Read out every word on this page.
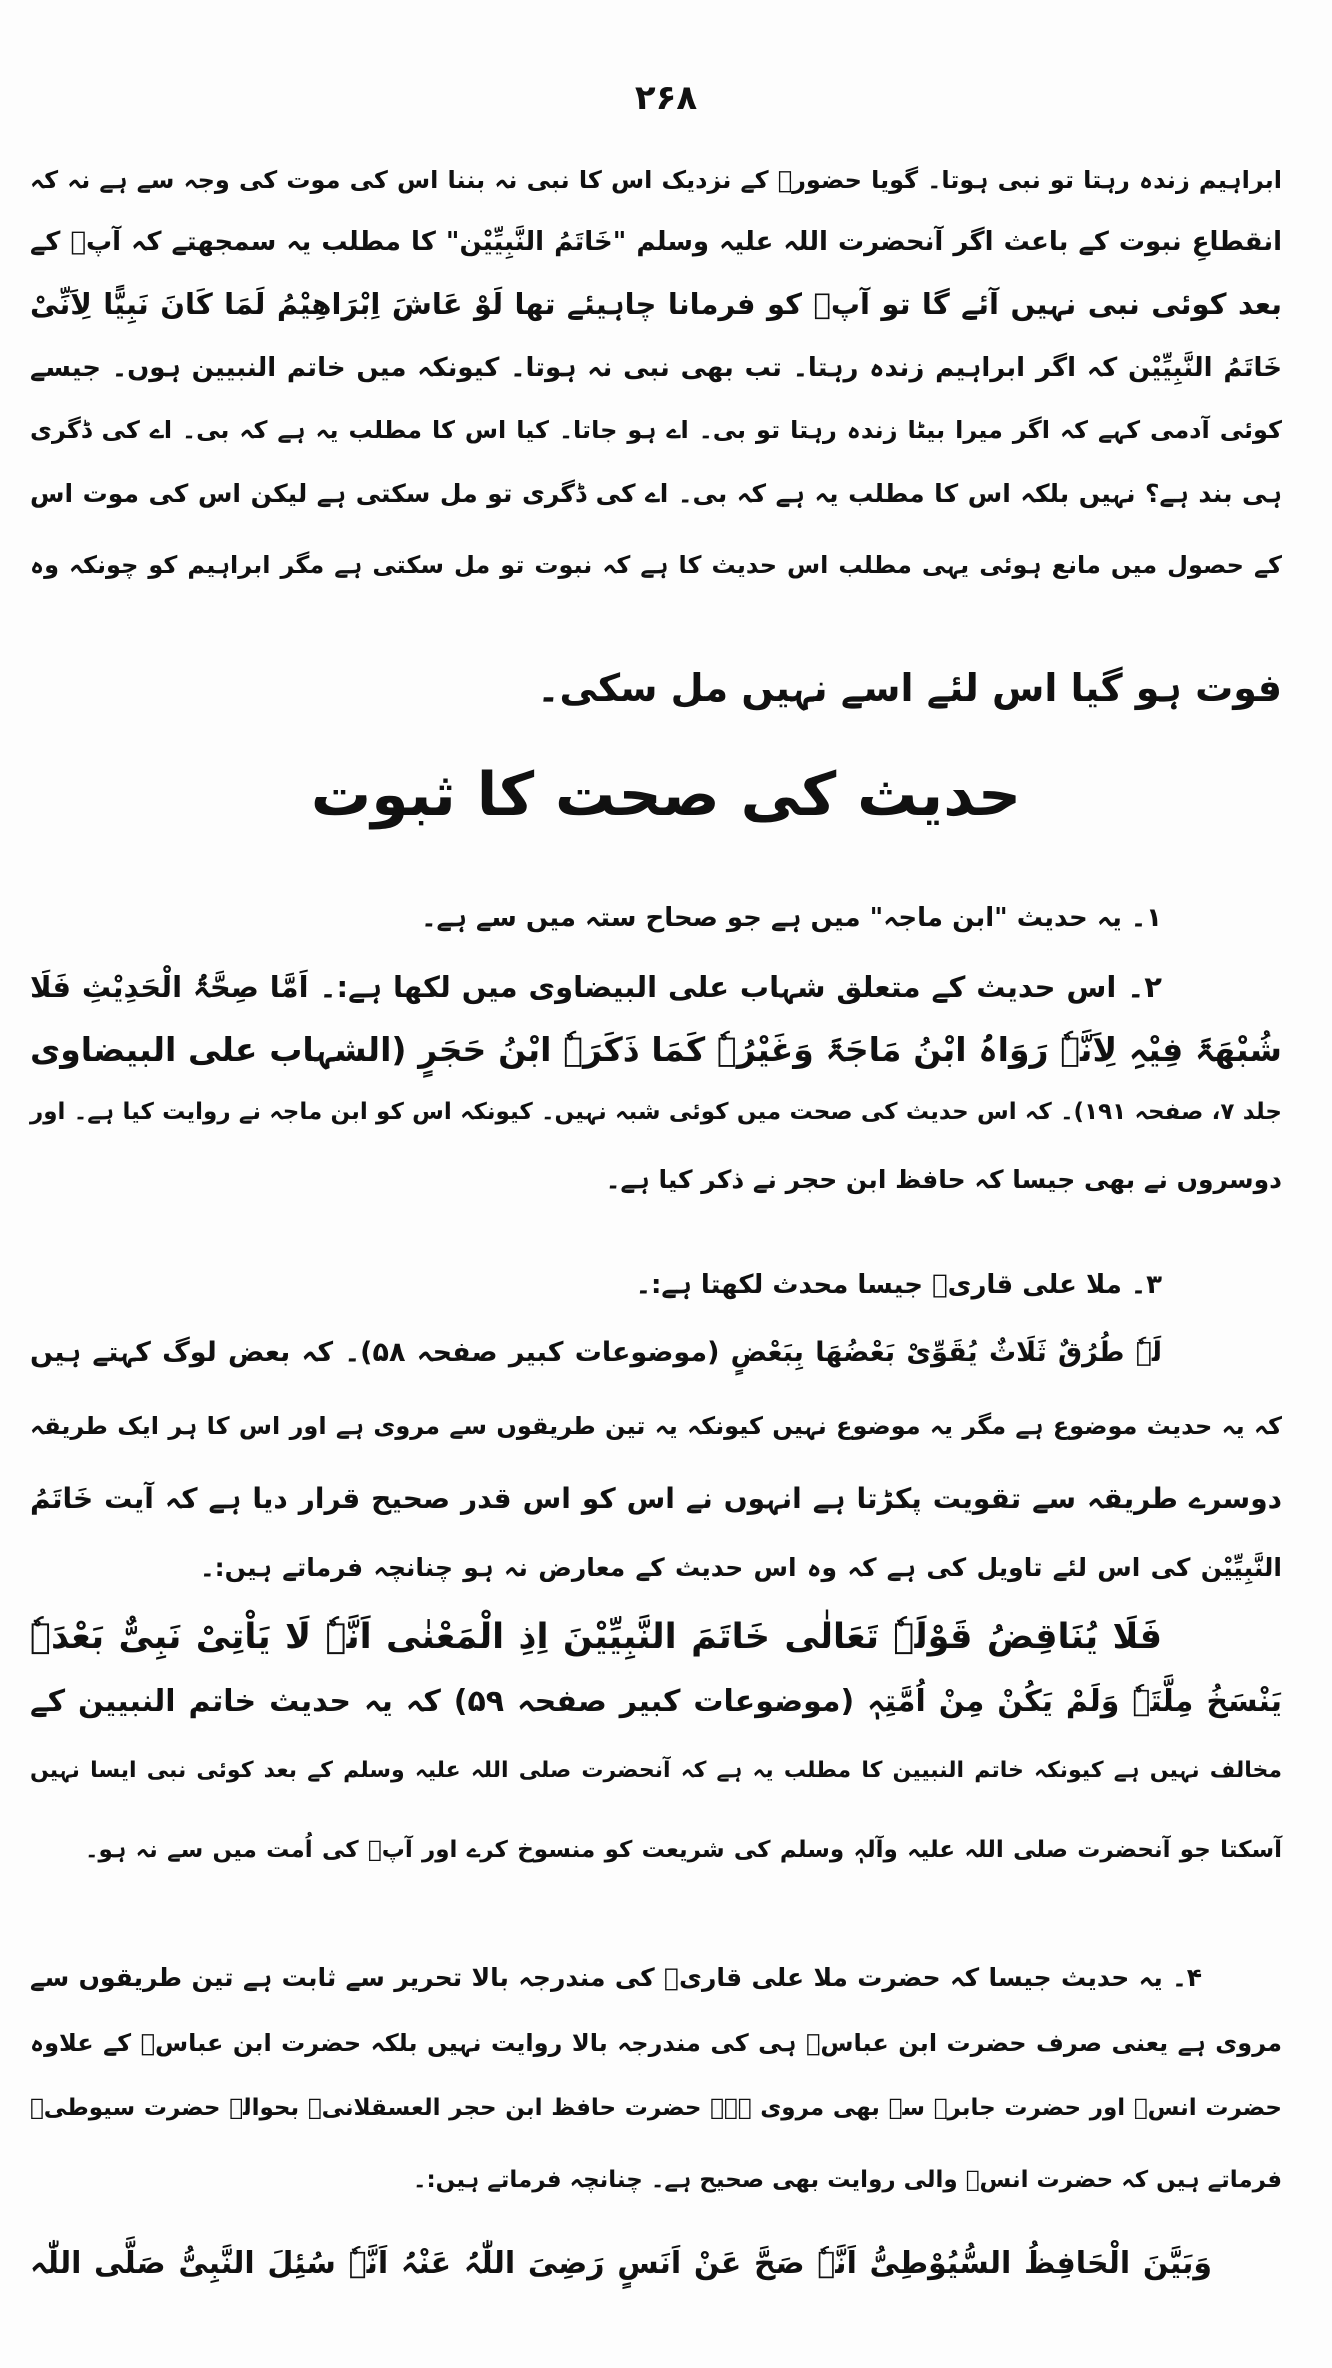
۲۶۸
ابراہیم زندہ رہتا تو نبی ہوتا۔ گویا حضورؐ کے نزدیک اس کا نبی نہ بننا اس کی موت کی وجہ سے ہے نہ کہ
انقطاعِ نبوت کے باعث اگر آنحضرت اللہ علیہ وسلم "خَاتَمُ النَّبِیِّیْن" کا مطلب یہ سمجھتے کہ آپؐ کے
بعد کوئی نبی نہیں آئے گا تو آپؐ کو فرمانا چاہیئے تھا لَوْ عَاشَ اِبْرَاھِیْمُ لَمَا کَانَ نَبِیًّا لِاَنِّیْ
خَاتَمُ النَّبِیِّیْن کہ اگر ابراہیم زندہ رہتا۔ تب بھی نبی نہ ہوتا۔ کیونکہ میں خاتم النبیین ہوں۔ جیسے
کوئی آدمی کہے کہ اگر میرا بیٹا زندہ رہتا تو بی۔ اے ہو جاتا۔ کیا اس کا مطلب یہ ہے کہ بی۔ اے کی ڈگری
ہی بند ہے؟ نہیں بلکہ اس کا مطلب یہ ہے کہ بی۔ اے کی ڈگری تو مل سکتی ہے لیکن اس کی موت اس
کے حصول میں مانع ہوئی یہی مطلب اس حدیث کا ہے کہ نبوت تو مل سکتی ہے مگر ابراہیم کو چونکہ وہ
فوت ہو گیا اس لئے اسے نہیں مل سکی۔
حدیث کی صحت کا ثبوت
۱۔ یہ حدیث "ابن ماجہ" میں ہے جو صحاح ستہ میں سے ہے۔
۲۔ اس حدیث کے متعلق شہاب علی البیضاوی میں لکھا ہے:۔ اَمَّا صِحَّۃُ الْحَدِیْثِ فَلَا
شُبْھَۃَ فِیْہِ لِاَنَّہٗ رَوَاہُ ابْنُ مَاجَۃَ وَغَیْرُہٗ کَمَا ذَکَرَہٗ ابْنُ حَجَرٍ (الشہاب علی البیضاوی
جلد ۷، صفحہ ۱۹۱)۔ کہ اس حدیث کی صحت میں کوئی شبہ نہیں۔ کیونکہ اس کو ابن ماجہ نے روایت کیا ہے۔ اور
دوسروں نے بھی جیسا کہ حافظ ابن حجر نے ذکر کیا ہے۔
۳۔ ملا علی قاریؒ جیسا محدث لکھتا ہے:۔
لَہٗ طُرُقٌ ثَلَاثٌ یُقَوِّیْ بَعْضُھَا بِبَعْضٍ (موضوعات کبیر صفحہ ۵۸)۔ کہ بعض لوگ کہتے ہیں
کہ یہ حدیث موضوع ہے مگر یہ موضوع نہیں کیونکہ یہ تین طریقوں سے مروی ہے اور اس کا ہر ایک طریقہ
دوسرے طریقہ سے تقویت پکڑتا ہے انہوں نے اس کو اس قدر صحیح قرار دیا ہے کہ آیت خَاتَمُ
النَّبِیِّیْن کی اس لئے تاویل کی ہے کہ وہ اس حدیث کے معارض نہ ہو چنانچہ فرماتے ہیں:۔
فَلَا یُنَاقِضُ قَوْلَہٗ تَعَالٰی خَاتَمَ النَّبِیِّیْنَ اِذِ الْمَعْنٰی اَنَّہٗ لَا یَاْتِیْ نَبِیٌّ بَعْدَہٗ
یَنْسَخُ مِلَّتَہٗ وَلَمْ یَکُنْ مِنْ اُمَّتِہٖ (موضوعات کبیر صفحہ ۵۹) کہ یہ حدیث خاتم النبیین کے
مخالف نہیں ہے کیونکہ خاتم النبیین کا مطلب یہ ہے کہ آنحضرت صلی اللہ علیہ وسلم کے بعد کوئی نبی ایسا نہیں
آسکتا جو آنحضرت صلی اللہ علیہ وآلہٖ وسلم کی شریعت کو منسوخ کرے اور آپؐ کی اُمت میں سے نہ ہو۔
۴۔ یہ حدیث جیسا کہ حضرت ملا علی قاریؒ کی مندرجہ بالا تحریر سے ثابت ہے تین طریقوں سے
مروی ہے یعنی صرف حضرت ابن عباسؓ ہی کی مندرجہ بالا روایت نہیں بلکہ حضرت ابن عباسؓ کے علاوہ
حضرت انسؓ اور حضرت جابرؓ سے بھی مروی ہے۔ حضرت حافظ ابن حجر العسقلانیؒ بحوالہ حضرت سیوطیؒ
فرماتے ہیں کہ حضرت انسؓ والی روایت بھی صحیح ہے۔ چنانچہ فرماتے ہیں:۔
وَبَیَّنَ الْحَافِظُ السُّیُوْطِیُّ اَنَّہٗ صَحَّ عَنْ اَنَسٍ رَضِیَ اللّٰہُ عَنْہُ اَنَّہٗ سُئِلَ النَّبِیُّ صَلَّی اللّٰہ
